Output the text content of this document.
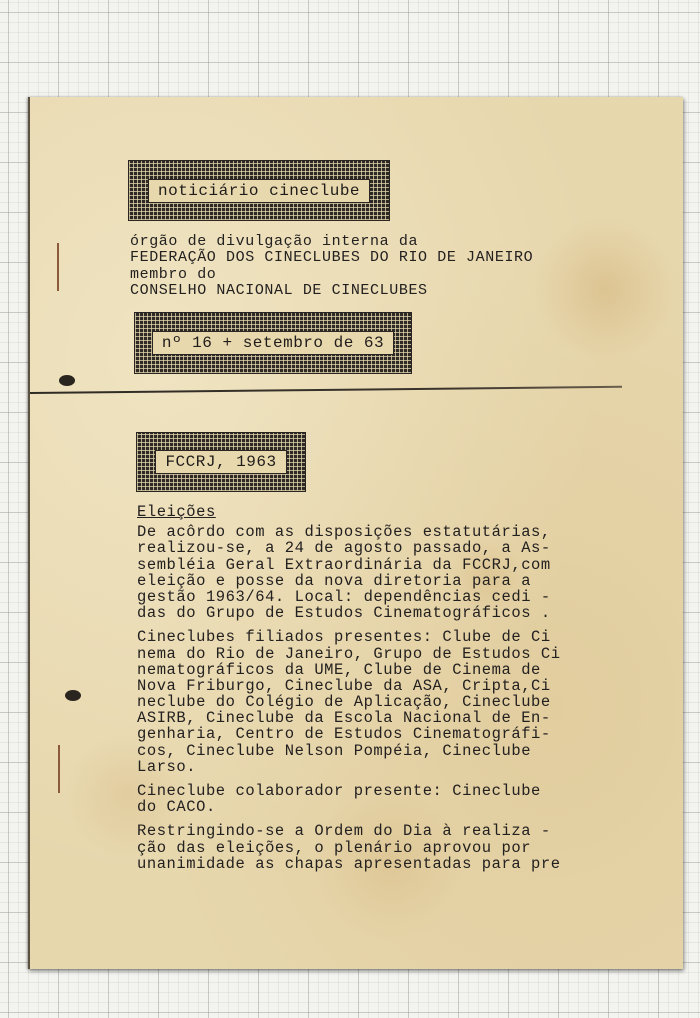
noticiário cineclube
órgão de divulgação interna da
FEDERAÇÃO DOS CINECLUBES DO RIO DE JANEIRO
membro do
CONSELHO NACIONAL DE CINECLUBES
nº 16 + setembro de 63
FCCRJ, 1963
Eleições
De acôrdo com as disposições estatutárias,
realizou-se, a 24 de agosto passado, a As-
sembléia Geral Extraordinária da FCCRJ,com
eleição e posse da nova diretoria para a
gestão 1963/64. Local: dependências cedi -
das do Grupo de Estudos Cinematográficos .
Cineclubes filiados presentes: Clube de Ci
nema do Rio de Janeiro, Grupo de Estudos Ci
nematográficos da UME, Clube de Cinema de
Nova Friburgo, Cineclube da ASA, Cripta,Ci
neclube do Colégio de Aplicação, Cineclube
ASIRB, Cineclube da Escola Nacional de En-
genharia, Centro de Estudos Cinematográfi-
cos, Cineclube Nelson Pompéia, Cineclube
Larso.
Cineclube colaborador presente: Cineclube
do CACO.
Restringindo-se a Ordem do Dia à realiza -
ção das eleições, o plenário aprovou por
unanimidade as chapas apresentadas para pre
